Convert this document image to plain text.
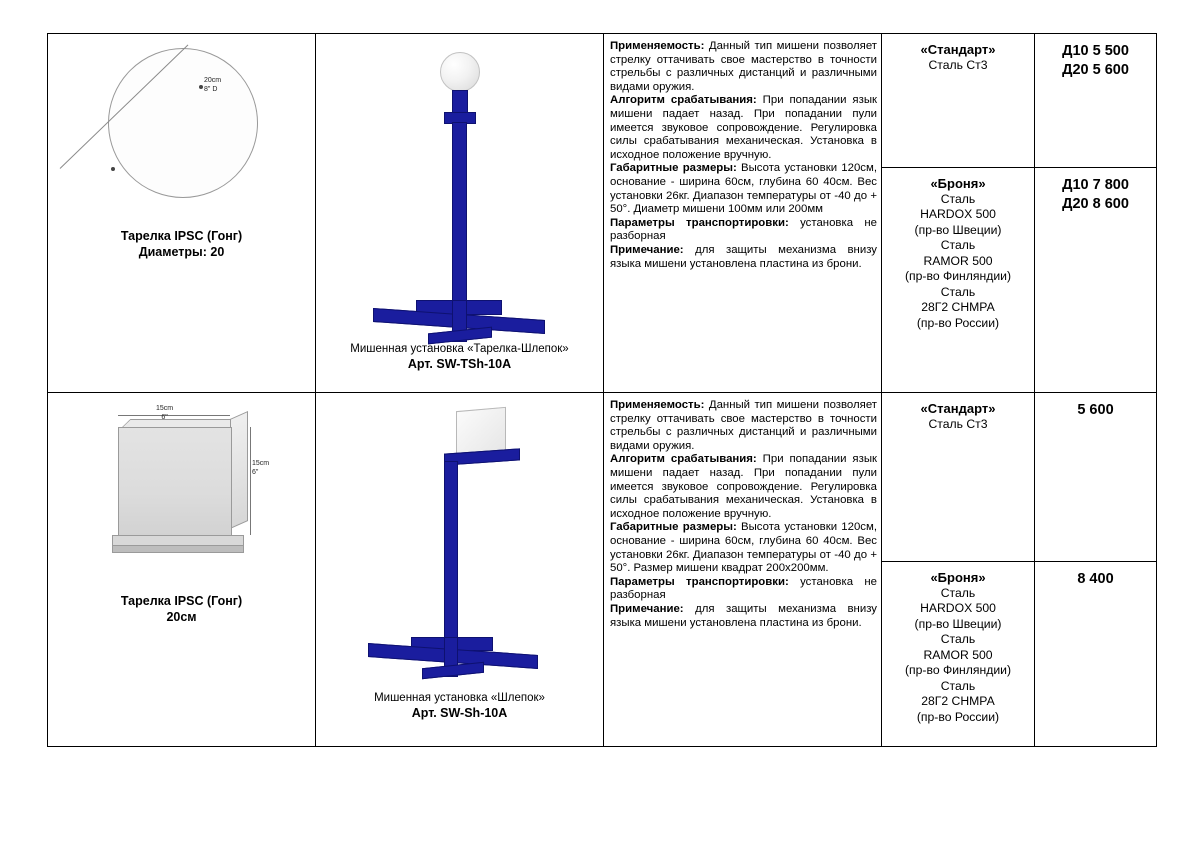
20cm
8" D
Тарелка IPSC (Гонг)
Диаметры: 20

Мишенная установка «Тарелка-Шлепок»
Арт. SW-TSh-10A

Применяемость: Данный тип мишени позволяет стрелку оттачивать свое мастерство в точности стрельбы с различных дистанций и различными видами оружия.

Алгоритм срабатывания: При попадании язык мишени падает назад. При попадании пули имеется звуковое сопровождение. Регулировка силы срабатывания механическая. Установка в исходное положение вручную.

Габаритные размеры: Высота установки 120см, основание - ширина 60см, глубина 60 40см. Вес установки 26кг. Диапазон температуры от -40 до + 50°. Диаметр мишени 100мм или 200мм

Параметры транспортировки: установка не разборная

Примечание: для защиты механизма внизу языка мишени установлена пластина из брони.

«Стандарт»
Сталь Ст3

Д10 5 500
Д20 5 600

«Броня»
Сталь
HARDOX 500
(пр-во Швеции)
Сталь
RAMOR 500
(пр-во Финляндии)
Сталь
28Г2 СНМРА
(пр-во России)

Д10 7 800
Д20 8 600

15cm
6"
15cm
6"
Тарелка IPSC (Гонг)
20см

Мишенная установка «Шлепок»
Арт. SW-Sh-10A

Применяемость: Данный тип мишени позволяет стрелку оттачивать свое мастерство в точности стрельбы с различных дистанций и различными видами оружия.

Алгоритм срабатывания: При попадании язык мишени падает назад. При попадании пули имеется звуковое сопровождение. Регулировка силы срабатывания механическая. Установка в исходное положение вручную.

Габаритные размеры: Высота установки 120см, основание - ширина 60см, глубина 60 40см. Вес установки 26кг. Диапазон температуры от -40 до + 50°. Размер мишени квадрат 200х200мм.

Параметры транспортировки: установка не разборная

Примечание: для защиты механизма внизу языка мишени установлена пластина из брони.

«Стандарт»
Сталь Ст3

5 600

«Броня»
Сталь
HARDOX 500
(пр-во Швеции)
Сталь
RAMOR 500
(пр-во Финляндии)
Сталь
28Г2 СНМРА
(пр-во России)

8 400
